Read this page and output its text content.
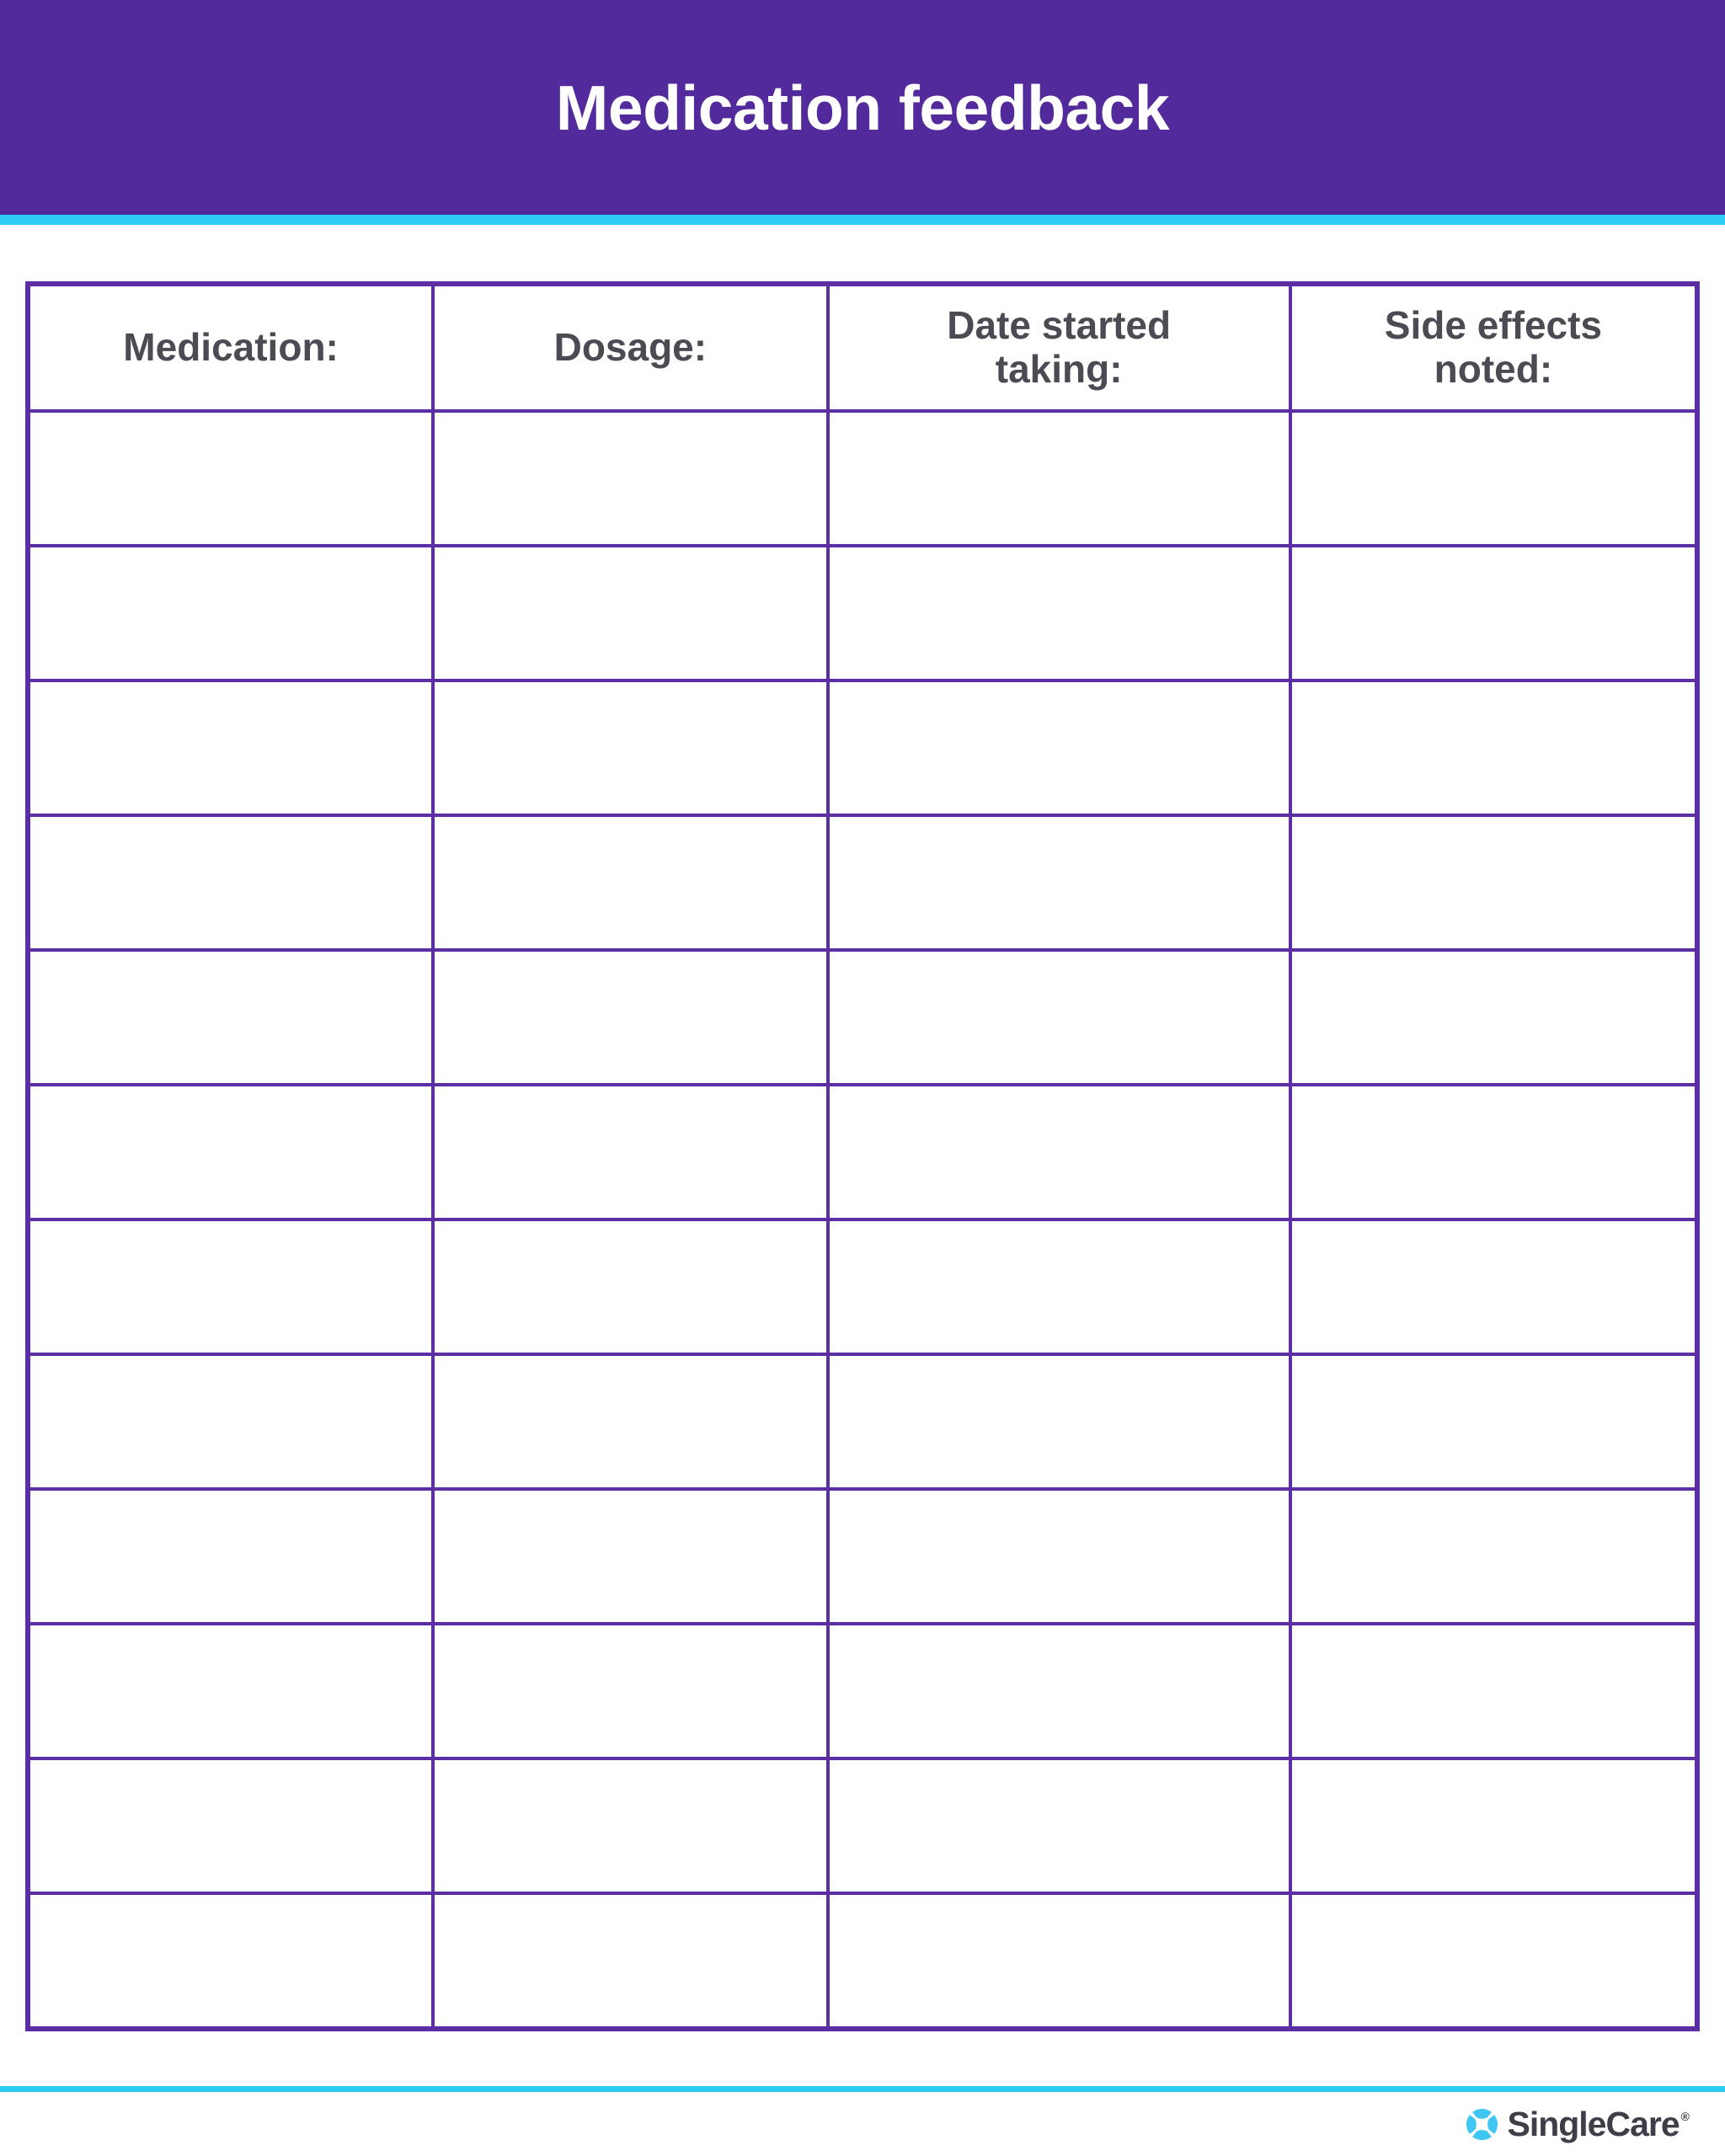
Medication feedback
Medication:	Dosage:	Date started taking:
Side effects noted:
SingleCare ®
